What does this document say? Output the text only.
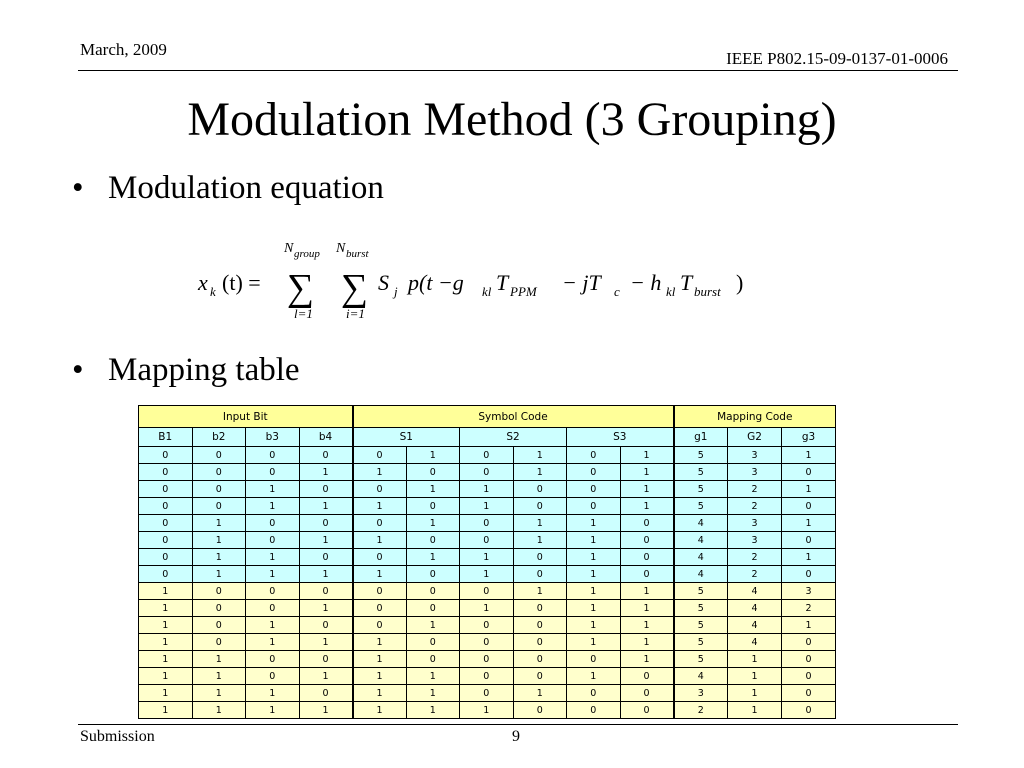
March, 2009	IEEE P802.15-09-0137-01-0006
Modulation Method (3 Grouping)
• Modulation equation
x k (t) =
N group
∑
l=1
N burst
∑
i=1
S j p(t −g kl T PPM − jT c − h kl T burst )
• Mapping table
Input Bit				Symbol Code						Mapping Code		
B1	b2	b3	b4	S1		S2		S3		g1	G2	g3
0	0	0	0	0	1	0	1	0	1	5	3	1
0	0	0	1	1	0	0	1	0	1	5	3	0
0	0	1	0	0	1	1	0	0	1	5	2	1
0	0	1	1	1	0	1	0	0	1	5	2	0
0	1	0	0	0	1	0	1	1	0	4	3	1
0	1	0	1	1	0	0	1	1	0	4	3	0
0	1	1	0	0	1	1	0	1	0	4	2	1
0	1	1	1	1	0	1	0	1	0	4	2	0
1	0	0	0	0	0	0	1	1	1	5	4	3
1	0	0	1	0	0	1	0	1	1	5	4	2
1	0	1	0	0	1	0	0	1	1	5	4	1
1	0	1	1	1	0	0	0	1	1	5	4	0
1	1	0	0	1	0	0	0	0	1	5	1	0
1	1	0	1	1	1	0	0	1	0	4	1	0
1	1	1	0	1	1	0	1	0	0	3	1	0
1	1	1	1	1	1	1	0	0	0	2	1	0
Submission	9
